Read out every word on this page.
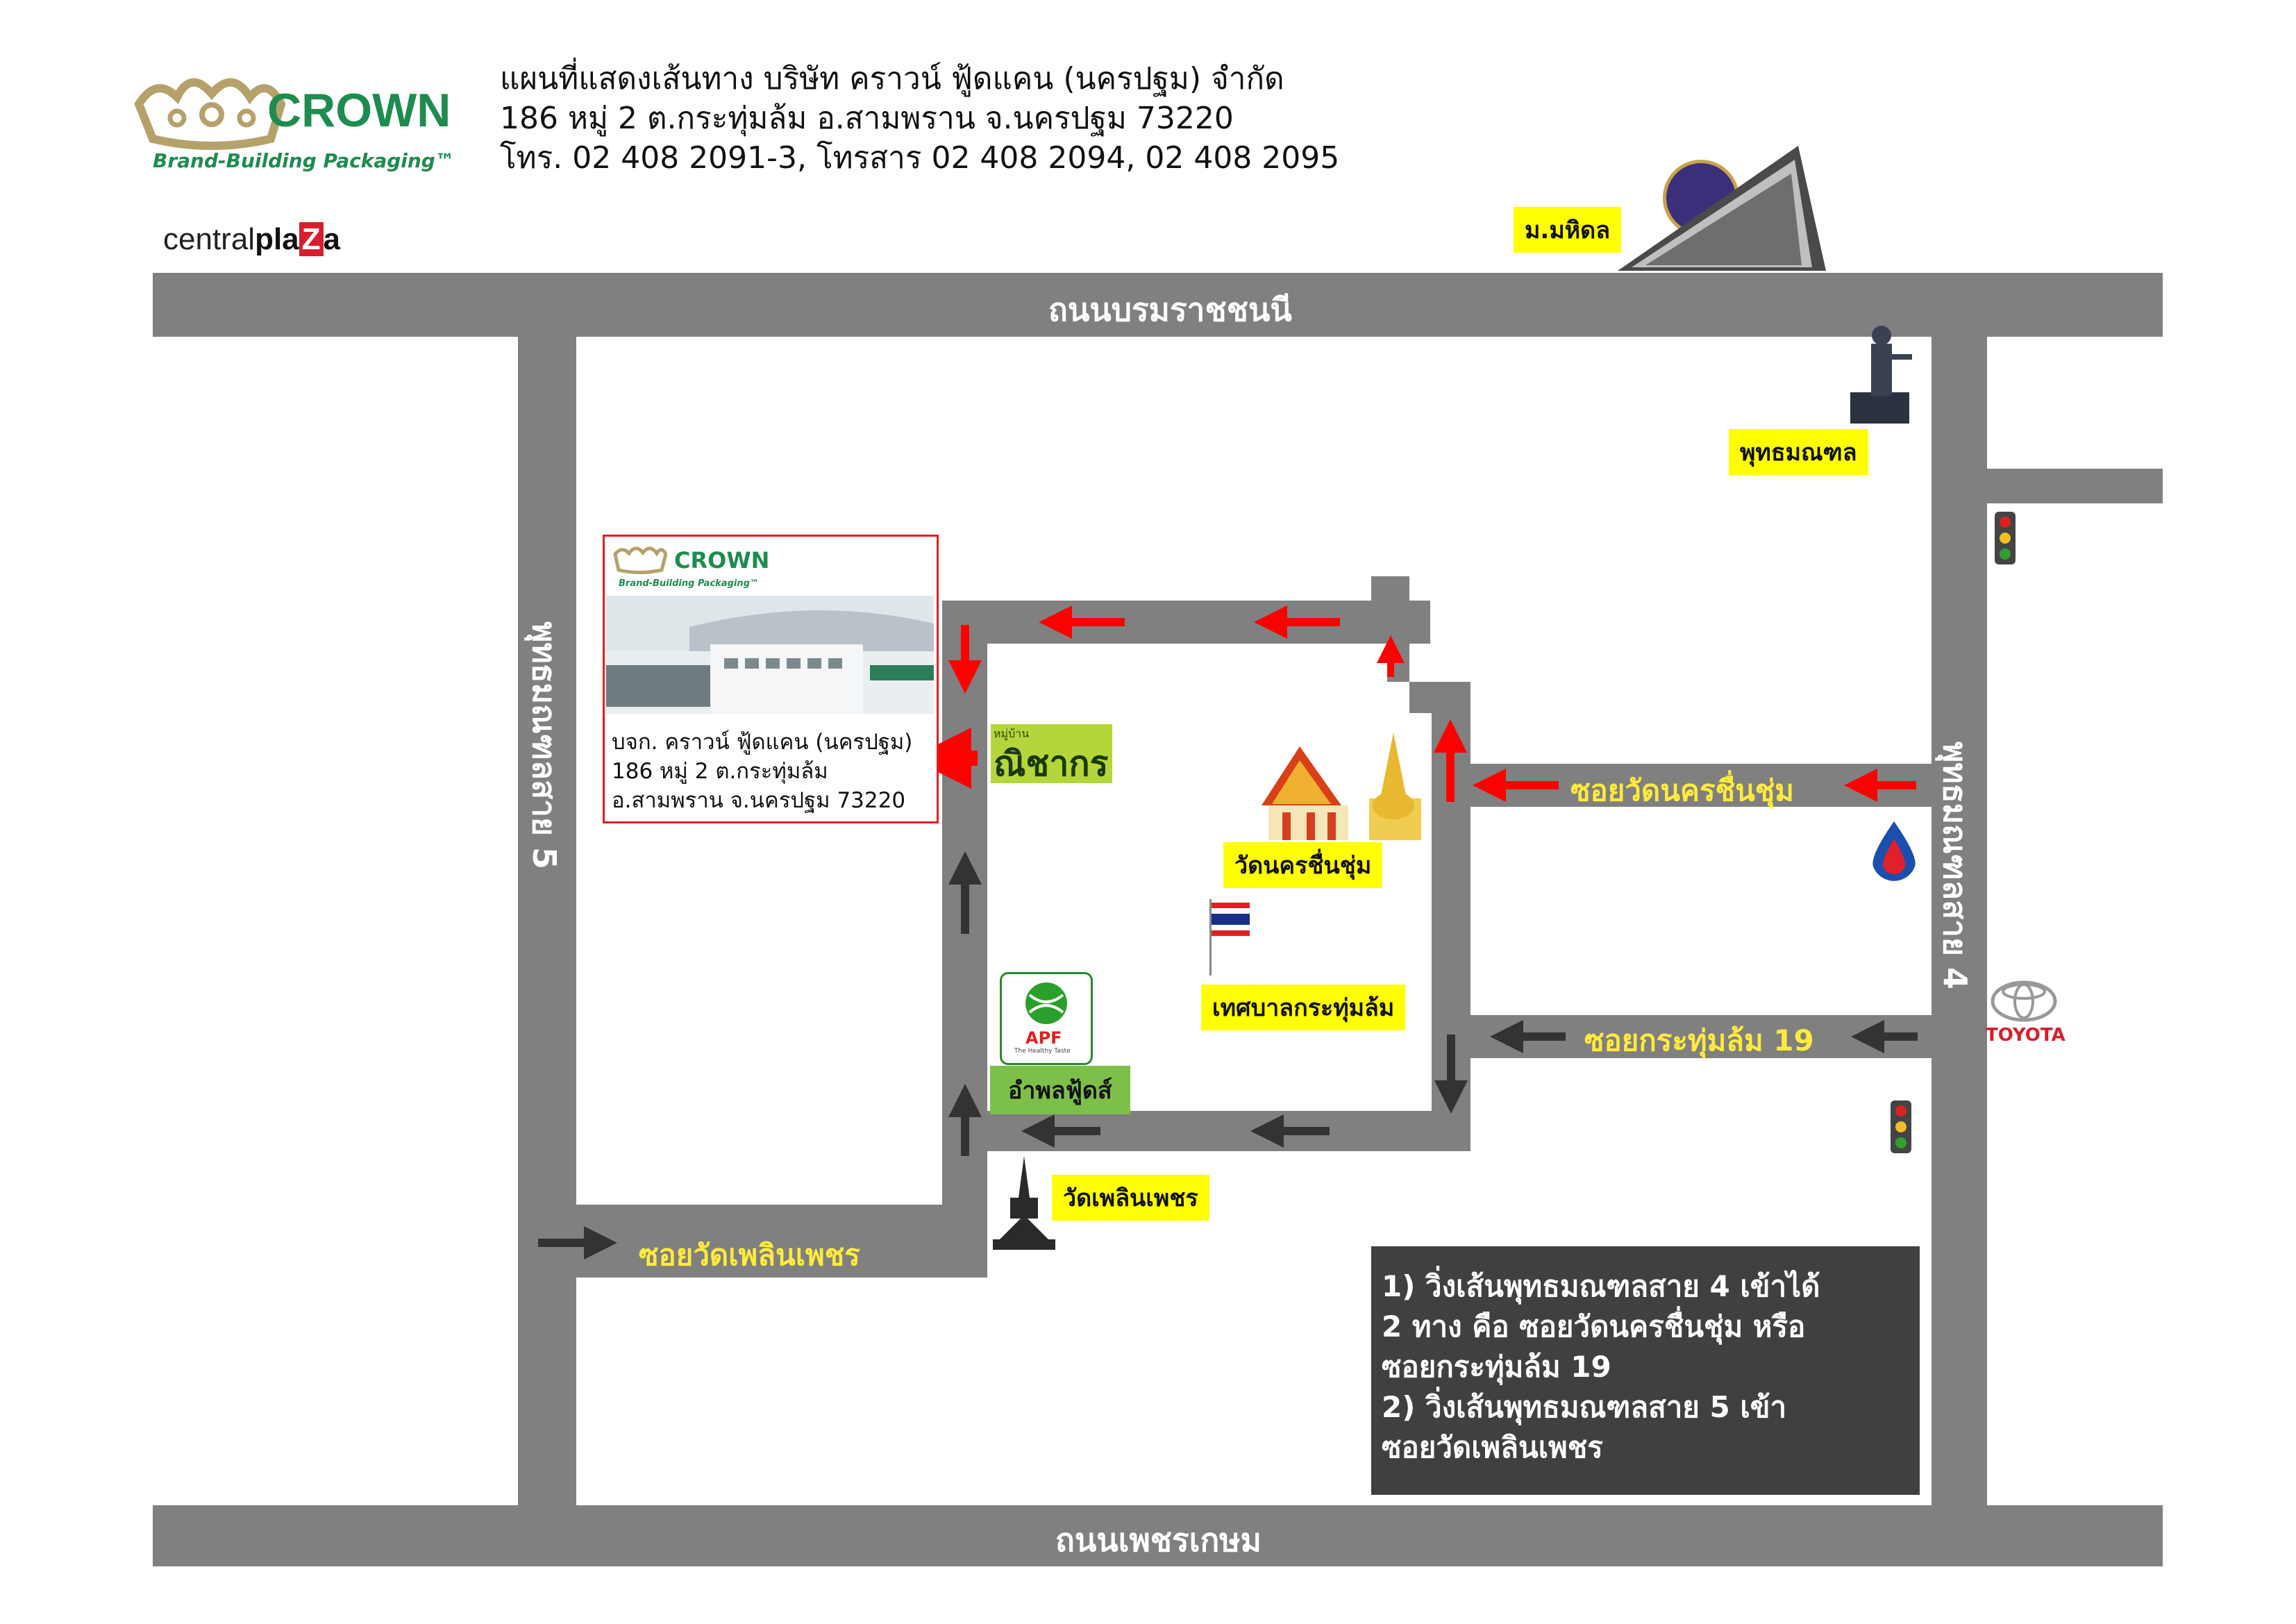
CROWN
Brand-Building Packaging™
แผนที่แสดงเส้นทาง บริษัท คราวน์ ฟู้ดแคน (นครปฐม) จำกัด
186 หมู่ 2 ต.กระทุ่มล้ม อ.สามพราน จ.นครปฐม 73220
โทร. 02 408 2091-3, โทรสาร 02 408 2094, 02 408 2095
centralplaZa	ม.มหิดล
ถนนบรมราชชนนี
ถนนเพชรเกษม
พุทธมณฑลสาย 5	พุทธมณฑลสาย 4
ซอยวัดนครชื่นชุ่ม
ซอยกระทุ่มล้ม 19
ซอยวัดเพลินเพชร
พุทธมณฑล
TOYOTA
CROWN
Brand-Building Packaging™
บจก. คราวน์ ฟู้ดแคน (นครปฐม)
186 หมู่ 2 ต.กระทุ่มล้ม
อ.สามพราน จ.นครปฐม 73220
หมู่บ้าน
ณิชากร
วัดนครชื่นชุ่ม
เทศบาลกระทุ่มล้ม
APF
The Healthy Taste
อำพลฟู้ดส์
วัดเพลินเพชร
1) วิ่งเส้นพุทธมณฑลสาย 4 เข้าได้
2 ทาง คือ ซอยวัดนครชื่นชุ่ม หรือ
ซอยกระทุ่มล้ม 19
2) วิ่งเส้นพุทธมณฑลสาย 5 เข้า
ซอยวัดเพลินเพชร
